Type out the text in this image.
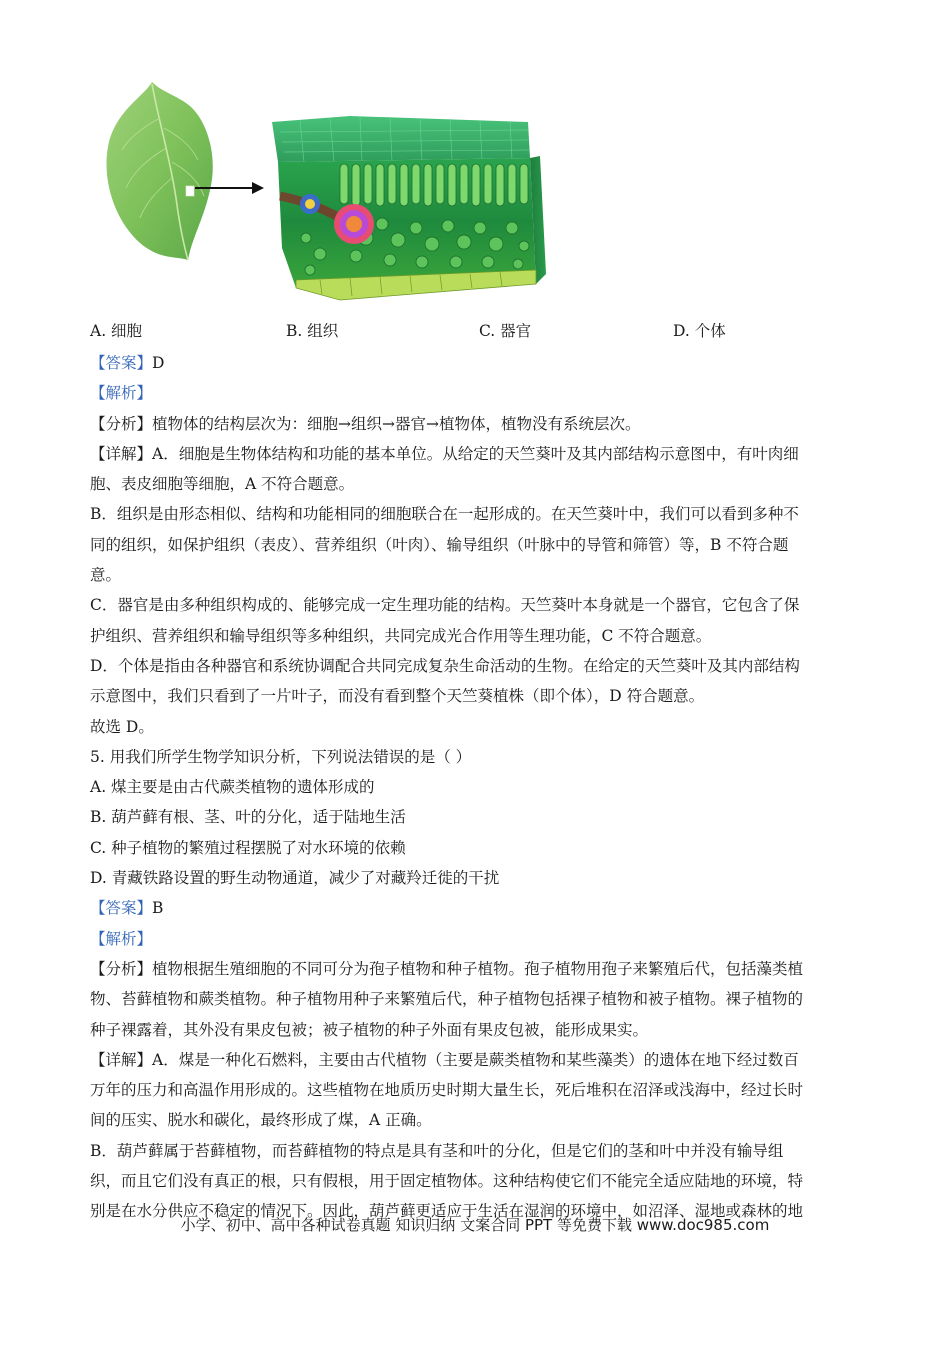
A. 细胞	B. 组织	C. 器官	D. 个体
【答案】D
【解析】
【分析】植物体的结构层次为：细胞→组织→器官→植物体，植物没有系统层次。
【详解】A．细胞是生物体结构和功能的基本单位。从给定的天竺葵叶及其内部结构示意图中，有叶肉细
胞、表皮细胞等细胞，A 不符合题意。
B．组织是由形态相似、结构和功能相同的细胞联合在一起形成的。在天竺葵叶中，我们可以看到多种不
同的组织，如保护组织（表皮）、营养组织（叶肉）、输导组织（叶脉中的导管和筛管）等，B 不符合题
意。
C．器官是由多种组织构成的、能够完成一定生理功能的结构。天竺葵叶本身就是一个器官，它包含了保
护组织、营养组织和输导组织等多种组织，共同完成光合作用等生理功能，C 不符合题意。
D．个体是指由各种器官和系统协调配合共同完成复杂生命活动的生物。在给定的天竺葵叶及其内部结构
示意图中，我们只看到了一片叶子，而没有看到整个天竺葵植株（即个体），D 符合题意。
故选 D。
5. 用我们所学生物学知识分析，下列说法错误的是（ ）
A. 煤主要是由古代蕨类植物的遗体形成的
B. 葫芦藓有根、茎、叶的分化，适于陆地生活
C. 种子植物的繁殖过程摆脱了对水环境的依赖
D. 青藏铁路设置的野生动物通道，减少了对藏羚迁徙的干扰
【答案】B
【解析】
【分析】植物根据生殖细胞的不同可分为孢子植物和种子植物。孢子植物用孢子来繁殖后代，包括藻类植
物、苔藓植物和蕨类植物。种子植物用种子来繁殖后代，种子植物包括裸子植物和被子植物。裸子植物的
种子裸露着，其外没有果皮包被；被子植物的种子外面有果皮包被，能形成果实。
【详解】A．煤是一种化石燃料，主要由古代植物（主要是蕨类植物和某些藻类）的遗体在地下经过数百
万年的压力和高温作用形成的。这些植物在地质历史时期大量生长，死后堆积在沼泽或浅海中，经过长时
间的压实、脱水和碳化，最终形成了煤，A 正确。
B．葫芦藓属于苔藓植物，而苔藓植物的特点是具有茎和叶的分化，但是它们的茎和叶中并没有输导组
织，而且它们没有真正的根，只有假根，用于固定植物体。这种结构使它们不能完全适应陆地的环境，特
别是在水分供应不稳定的情况下。因此，葫芦藓更适应于生活在湿润的环境中，如沼泽、湿地或森林的地
小学、初中、高中各种试卷真题 知识归纳 文案合同 PPT 等免费下载 www.doc985.com
